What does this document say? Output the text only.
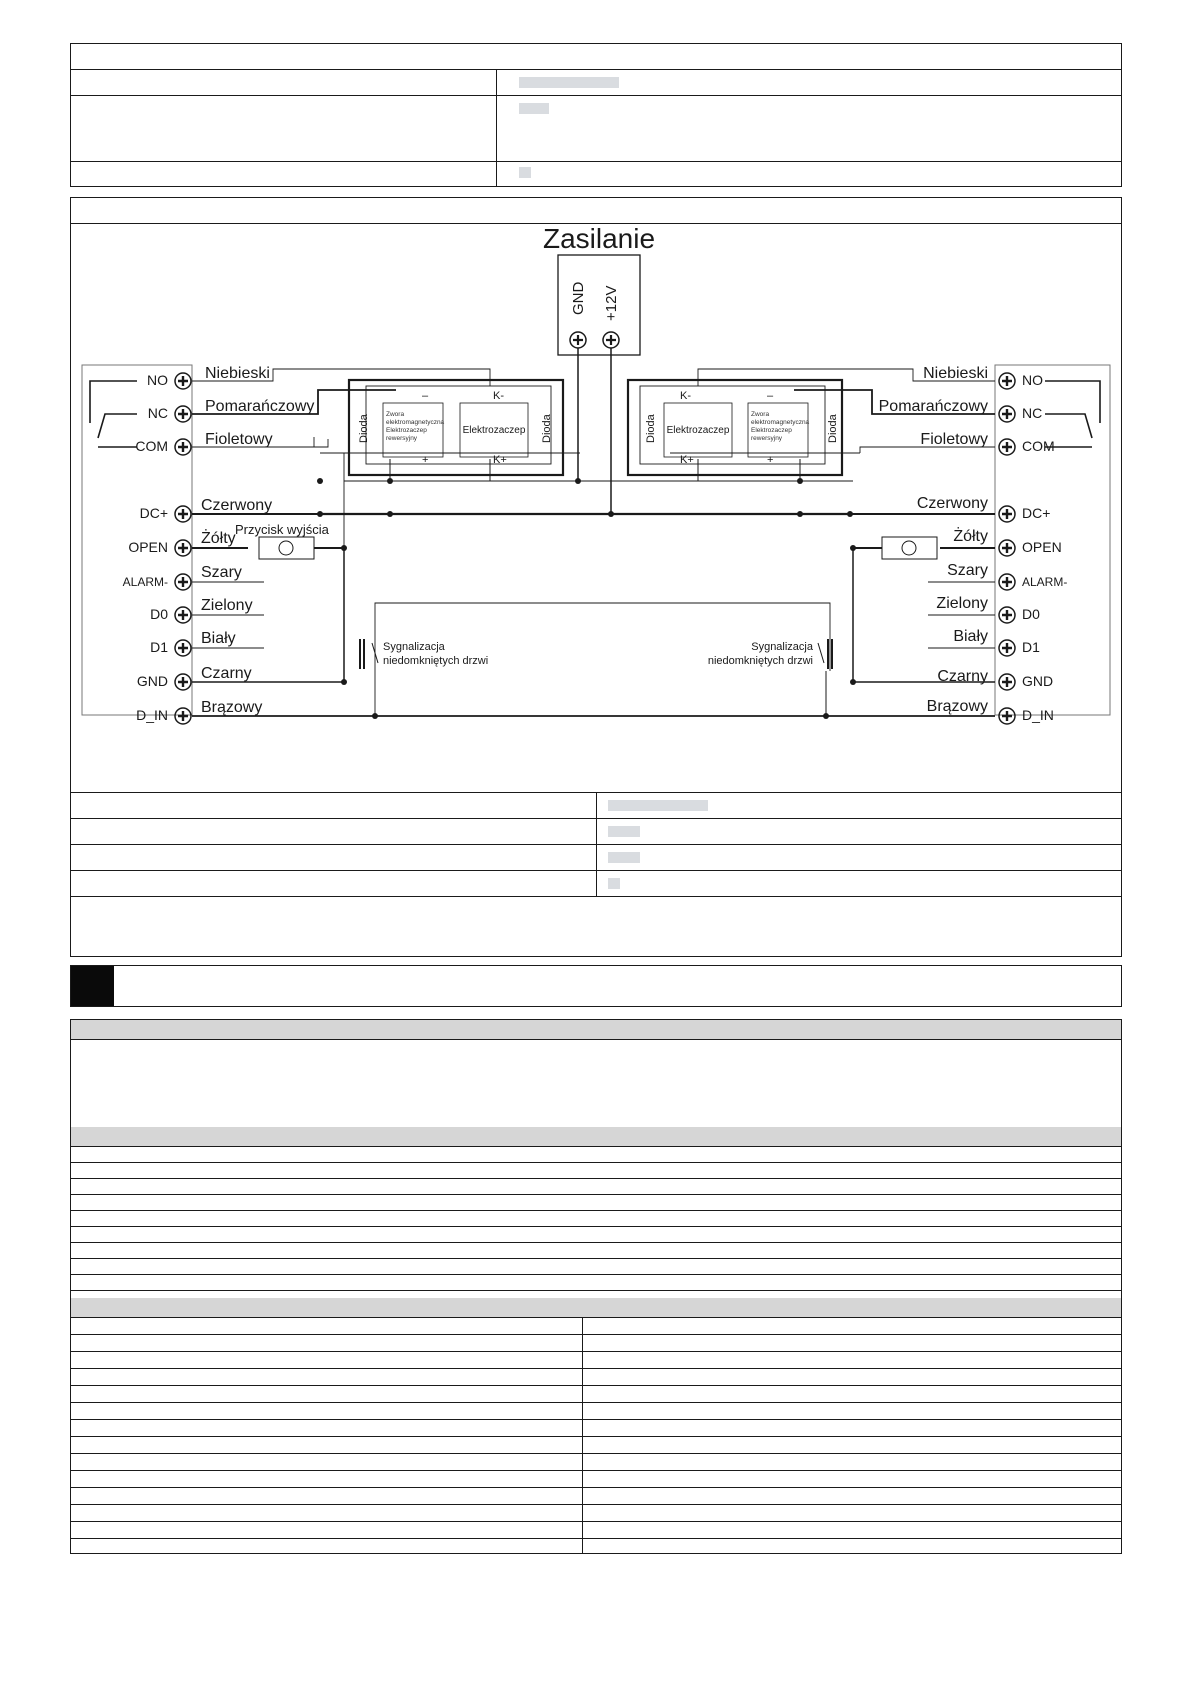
Zasilanie
GND +12V
NO
NC
COM
DC+
OPEN
ALARM-
D0
D1
GND
D_IN
NO
NC
COM
DC+
OPEN
ALARM-
D0
D1
GND
D_IN
Niebieski
Pomarańczowy
Fioletowy
Czerwony
Żółty
Szary
Zielony
Biały
Czarny
Brązowy
Niebieski
Pomarańczowy
Fioletowy
Czerwony
Żółty
Szary
Zielony
Biały
Czarny
Brązowy
Przycisk wyjścia
Elektrozaczep
Zwora
elektromagnetyczna
Elektrozaczep
rewersyjny
Dioda	Dioda
K-
K+
–
+
Elektrozaczep
Zwora
elektromagnetyczna
Elektrozaczep
rewersyjny
Dioda	Dioda
K-
K+
–
+
Sygnalizacja
niedomkniętych drzwi
Sygnalizacja
niedomkniętych drzwi
